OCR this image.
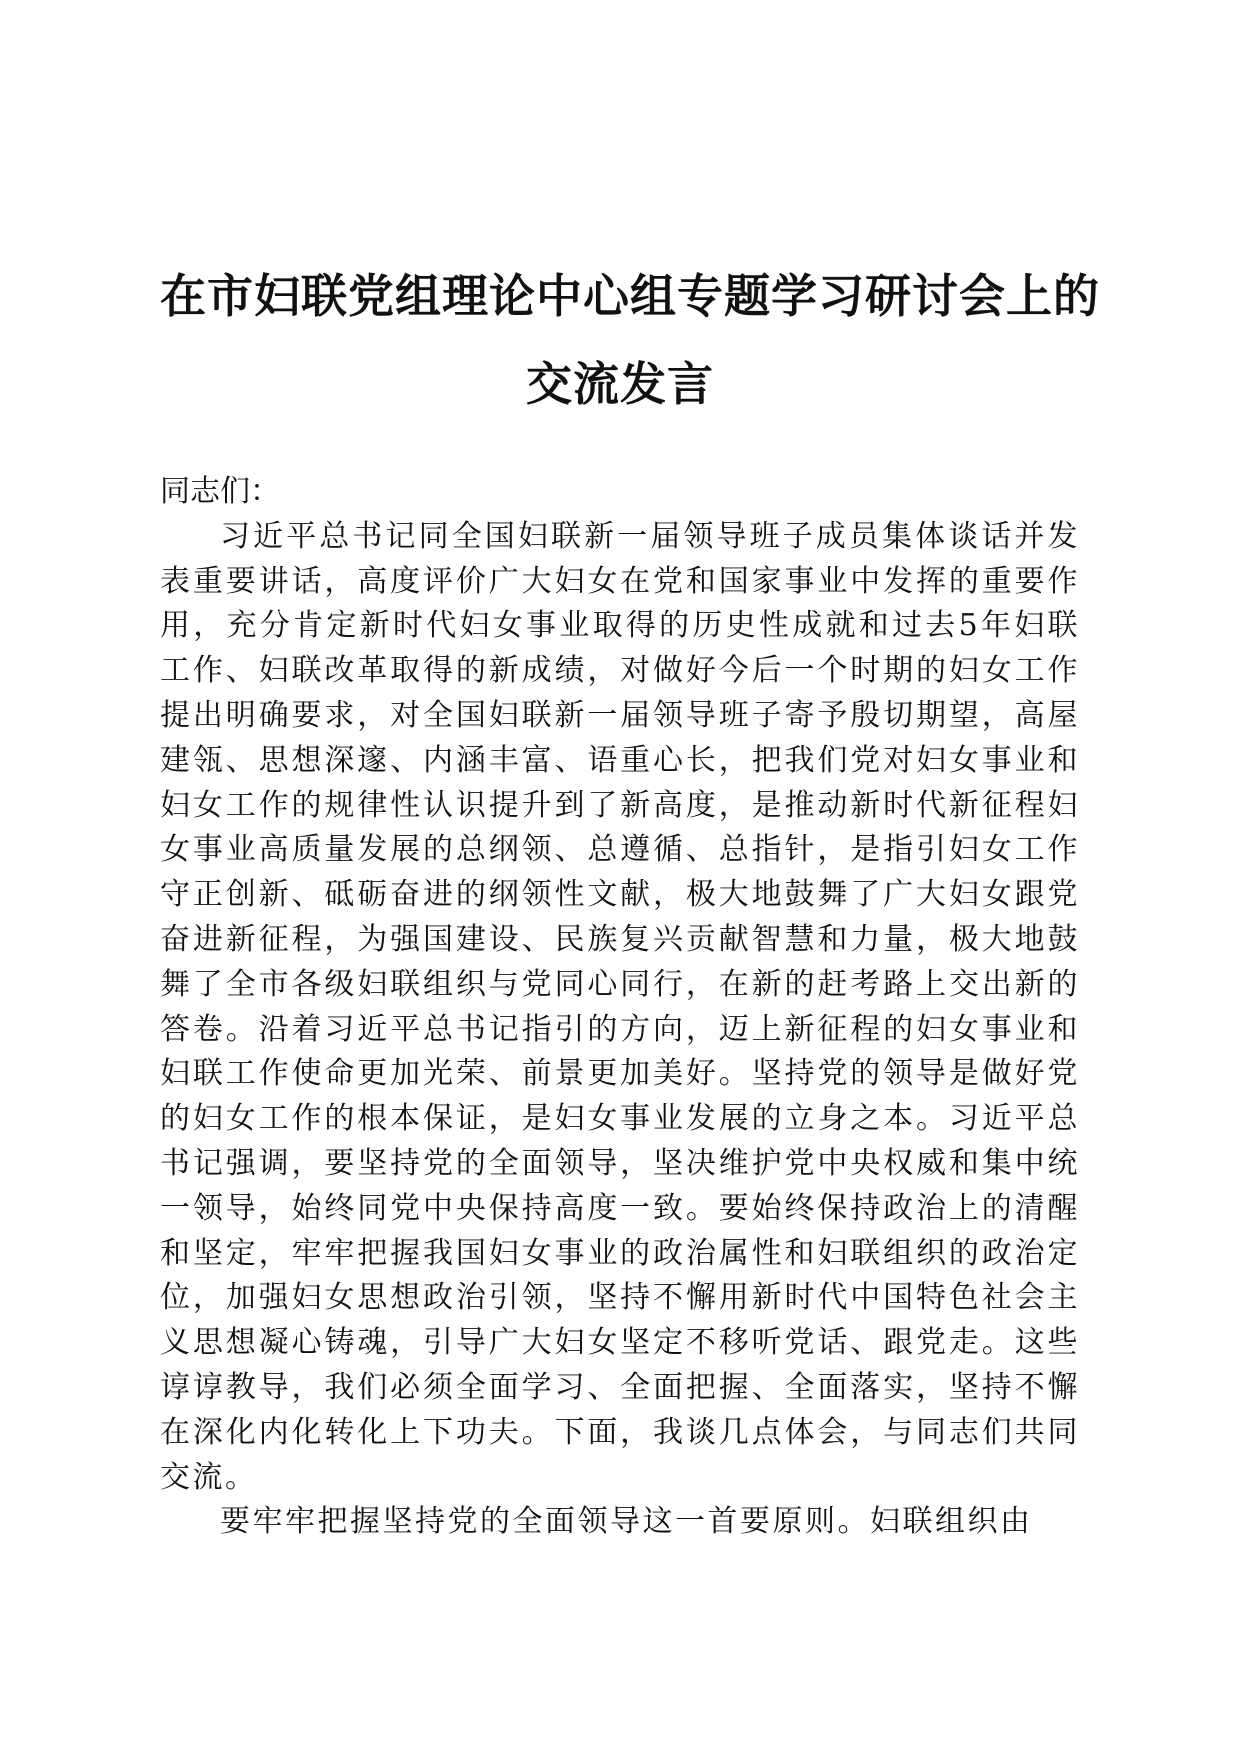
在市妇联党组理论中心组专题学习研讨会上的
交流发言

同志们：

习近平总书记同全国妇联新一届领导班子成员集体谈话并发表重要讲话，高度评价广大妇女在党和国家事业中发挥的重要作用，充分肯定新时代妇女事业取得的历史性成就和过去5年妇联工作、妇联改革取得的新成绩，对做好今后一个时期的妇女工作提出明确要求，对全国妇联新一届领导班子寄予殷切期望，高屋建瓴、思想深邃、内涵丰富、语重心长，把我们党对妇女事业和妇女工作的规律性认识提升到了新高度，是推动新时代新征程妇女事业高质量发展的总纲领、总遵循、总指针，是指引妇女工作守正创新、砥砺奋进的纲领性文献，极大地鼓舞了广大妇女跟党奋进新征程，为强国建设、民族复兴贡献智慧和力量，极大地鼓舞了全市各级妇联组织与党同心同行，在新的赶考路上交出新的答卷。沿着习近平总书记指引的方向，迈上新征程的妇女事业和妇联工作使命更加光荣、前景更加美好。坚持党的领导是做好党的妇女工作的根本保证，是妇女事业发展的立身之本。习近平总书记强调，要坚持党的全面领导，坚决维护党中央权威和集中统一领导，始终同党中央保持高度一致。要始终保持政治上的清醒和坚定，牢牢把握我国妇女事业的政治属性和妇联组织的政治定位，加强妇女思想政治引领，坚持不懈用新时代中国特色社会主义思想凝心铸魂，引导广大妇女坚定不移听党话、跟党走。这些谆谆教导，我们必须全面学习、全面把握、全面落实，坚持不懈在深化内化转化上下功夫。下面，我谈几点体会，与同志们共同交流。

要牢牢把握坚持党的全面领导这一首要原则。妇联组织由
